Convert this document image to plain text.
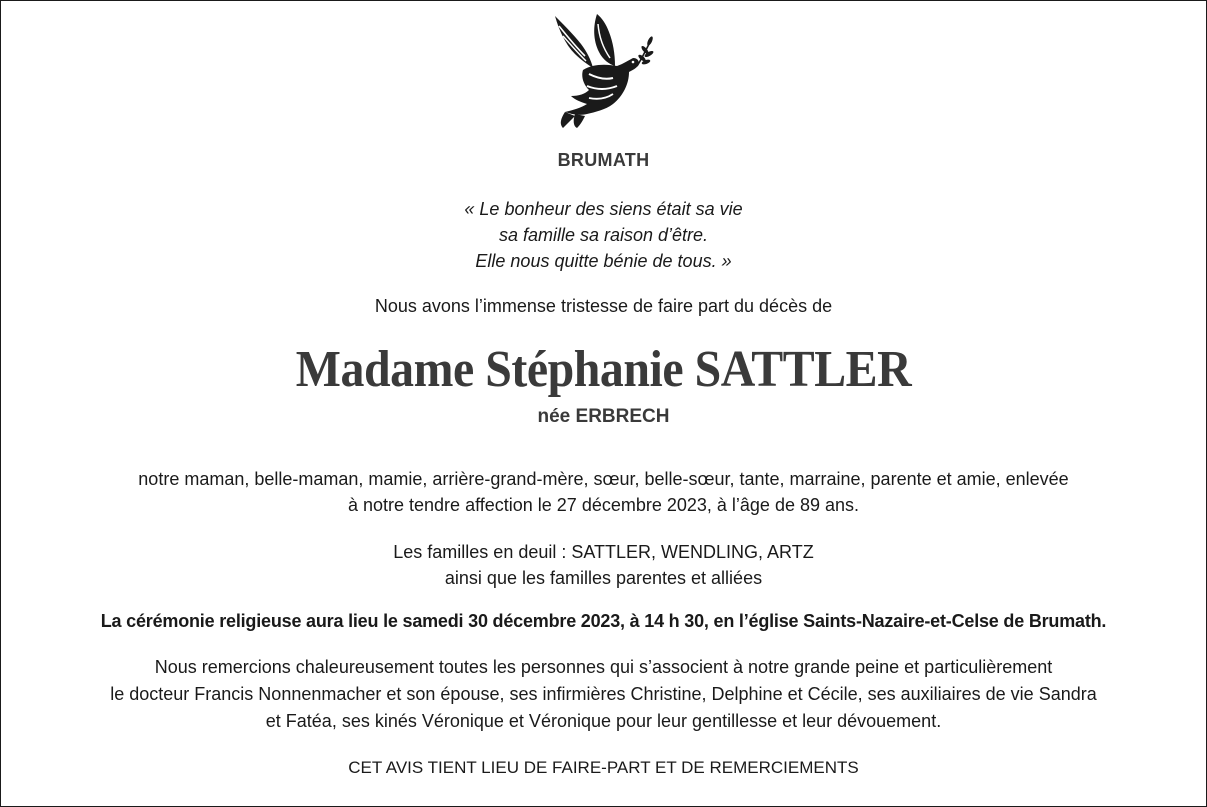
BRUMATH
« Le bonheur des siens était sa vie
sa famille sa raison d’être.
Elle nous quitte bénie de tous. »
Nous avons l’immense tristesse de faire part du décès de
Madame Stéphanie SATTLER
née ERBRECH
notre maman, belle-maman, mamie, arrière-grand-mère, sœur, belle-sœur, tante, marraine, parente et amie, enlevée
à notre tendre affection le 27 décembre 2023, à l’âge de 89 ans.
Les familles en deuil : SATTLER, WENDLING, ARTZ
ainsi que les familles parentes et alliées
La cérémonie religieuse aura lieu le samedi 30 décembre 2023, à 14 h 30, en l’église Saints-Nazaire-et-Celse de Brumath.
Nous remercions chaleureusement toutes les personnes qui s’associent à notre grande peine et particulièrement
le docteur Francis Nonnenmacher et son épouse, ses infirmières Christine, Delphine et Cécile, ses auxiliaires de vie Sandra
et Fatéa, ses kinés Véronique et Véronique pour leur gentillesse et leur dévouement.
CET AVIS TIENT LIEU DE FAIRE-PART ET DE REMERCIEMENTS
